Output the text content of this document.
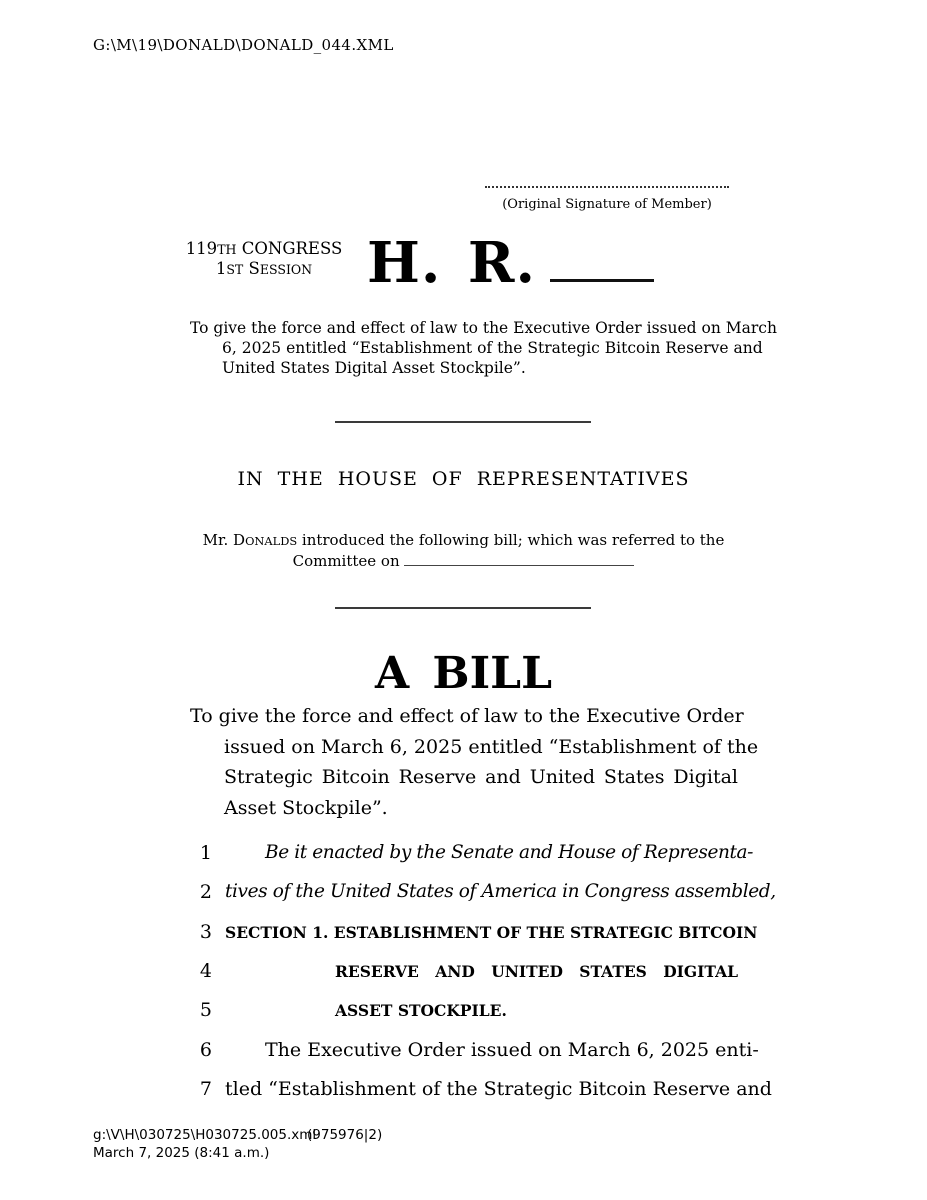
G:\M\19\DONALD\DONALD_044.XML
(Original Signature of Member)
119TH CONGRESS
1ST SESSION H. R.
To give the force and effect of law to the Executive Order issued on March
6, 2025 entitled “Establishment of the Strategic Bitcoin Reserve and
United States Digital Asset Stockpile”.
IN THE HOUSE OF REPRESENTATIVES
Mr. DONALDS introduced the following bill; which was referred to the
Committee on
A BILL
To give the force and effect of law to the Executive Order
issued on March 6, 2025 entitled “Establishment of the
Strategic Bitcoin Reserve and United States Digital
Asset Stockpile”.
1	Be it enacted by the Senate and House of Representa-
2 tives of the United States of America in Congress assembled,
3 SECTION 1. ESTABLISHMENT OF THE STRATEGIC BITCOIN
4	RESERVE AND UNITED STATES DIGITAL
5	ASSET STOCKPILE.
6	The Executive Order issued on March 6, 2025 enti-
7 tled “Establishment of the Strategic Bitcoin Reserve and
g:\V\H\030725\H030725.005.xml
(975976|2)
March 7, 2025 (8:41 a.m.)
